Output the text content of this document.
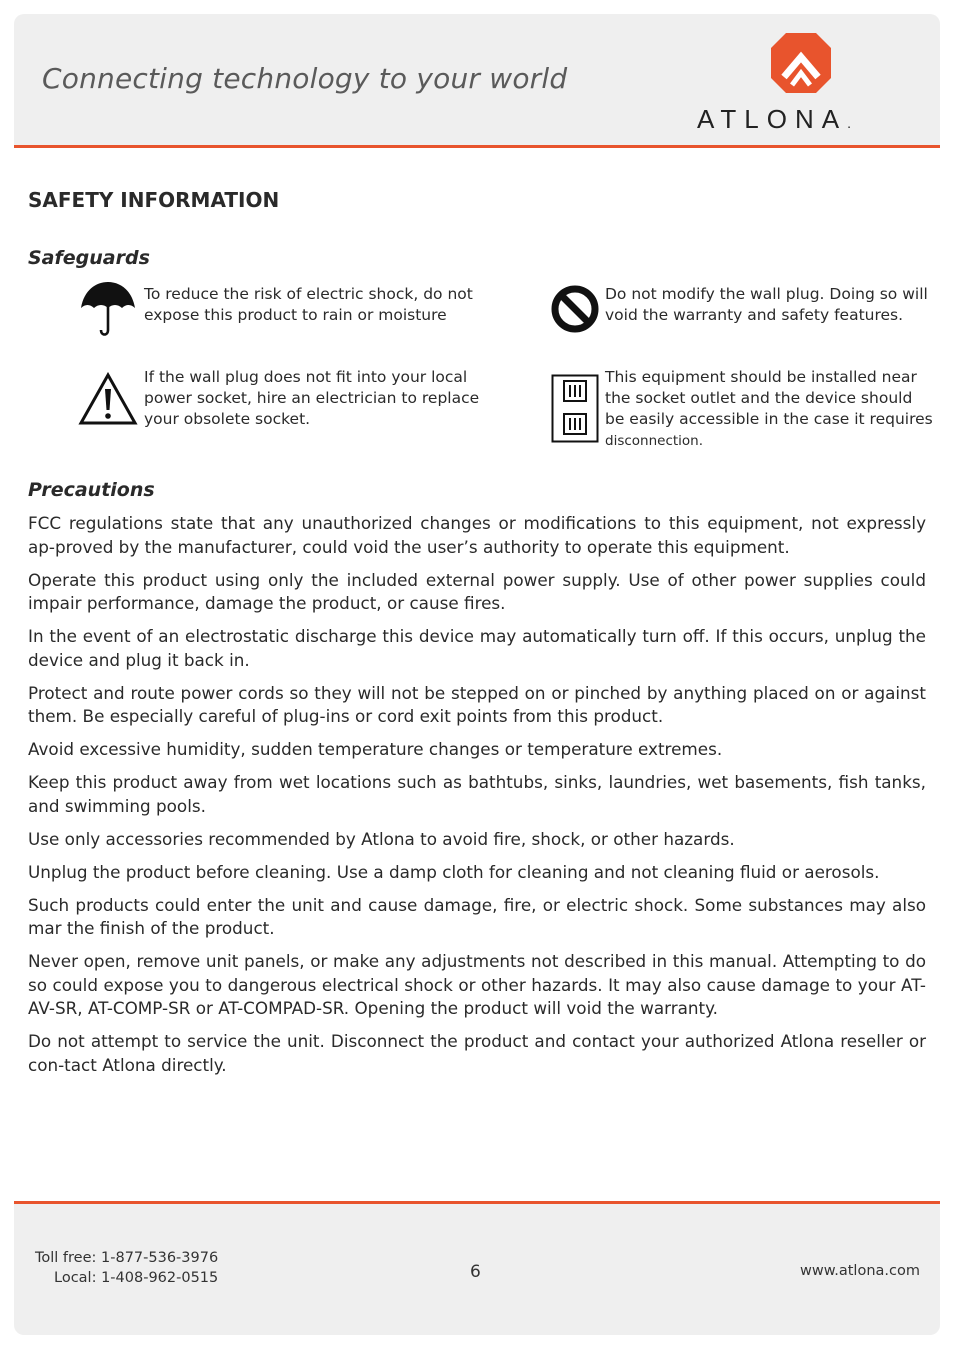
Connecting technology to your world
ATLONA.
SAFETY INFORMATION
Safeguards
To reduce the risk of electric shock, do not expose this product to rain or moisture
Do not modify the wall plug. Doing so will void the warranty and safety features.
If the wall plug does not fit into your local power socket, hire an electrician to replace your obsolete socket.
This equipment should be installed near the socket outlet and the device should be easily accessible in the case it requires
disconnection.
Precautions

FCC regulations state that any unauthorized changes or modifications to this equipment, not expressly ap-proved by the manufacturer, could void the user’s authority to operate this equipment.

Operate this product using only the included external power supply. Use of other power supplies could impair performance, damage the product, or cause fires.

In the event of an electrostatic discharge this device may automatically turn off. If this occurs, unplug the device and plug it back in.

Protect and route power cords so they will not be stepped on or pinched by anything placed on or against them. Be especially careful of plug-ins or cord exit points from this product.

Avoid excessive humidity, sudden temperature changes or temperature extremes.

Keep this product away from wet locations such as bathtubs, sinks, laundries, wet basements, fish tanks, and swimming pools.

Use only accessories recommended by Atlona to avoid fire, shock, or other hazards.

Unplug the product before cleaning. Use a damp cloth for cleaning and not cleaning fluid or aerosols.

Such products could enter the unit and cause damage, fire, or electric shock. Some substances may also mar the finish of the product.

Never open, remove unit panels, or make any adjustments not described in this manual. Attempting to do so could expose you to dangerous electrical shock or other hazards. It may also cause damage to your AT-AV-SR, AT-COMP-SR or AT-COMPAD-SR. Opening the product will void the warranty.

Do not attempt to service the unit. Disconnect the product and contact your authorized Atlona reseller or con-tact Atlona directly.

Toll free: 1-877-536-3976
Local: 1-408-962-0515	6	www.atlona.com
